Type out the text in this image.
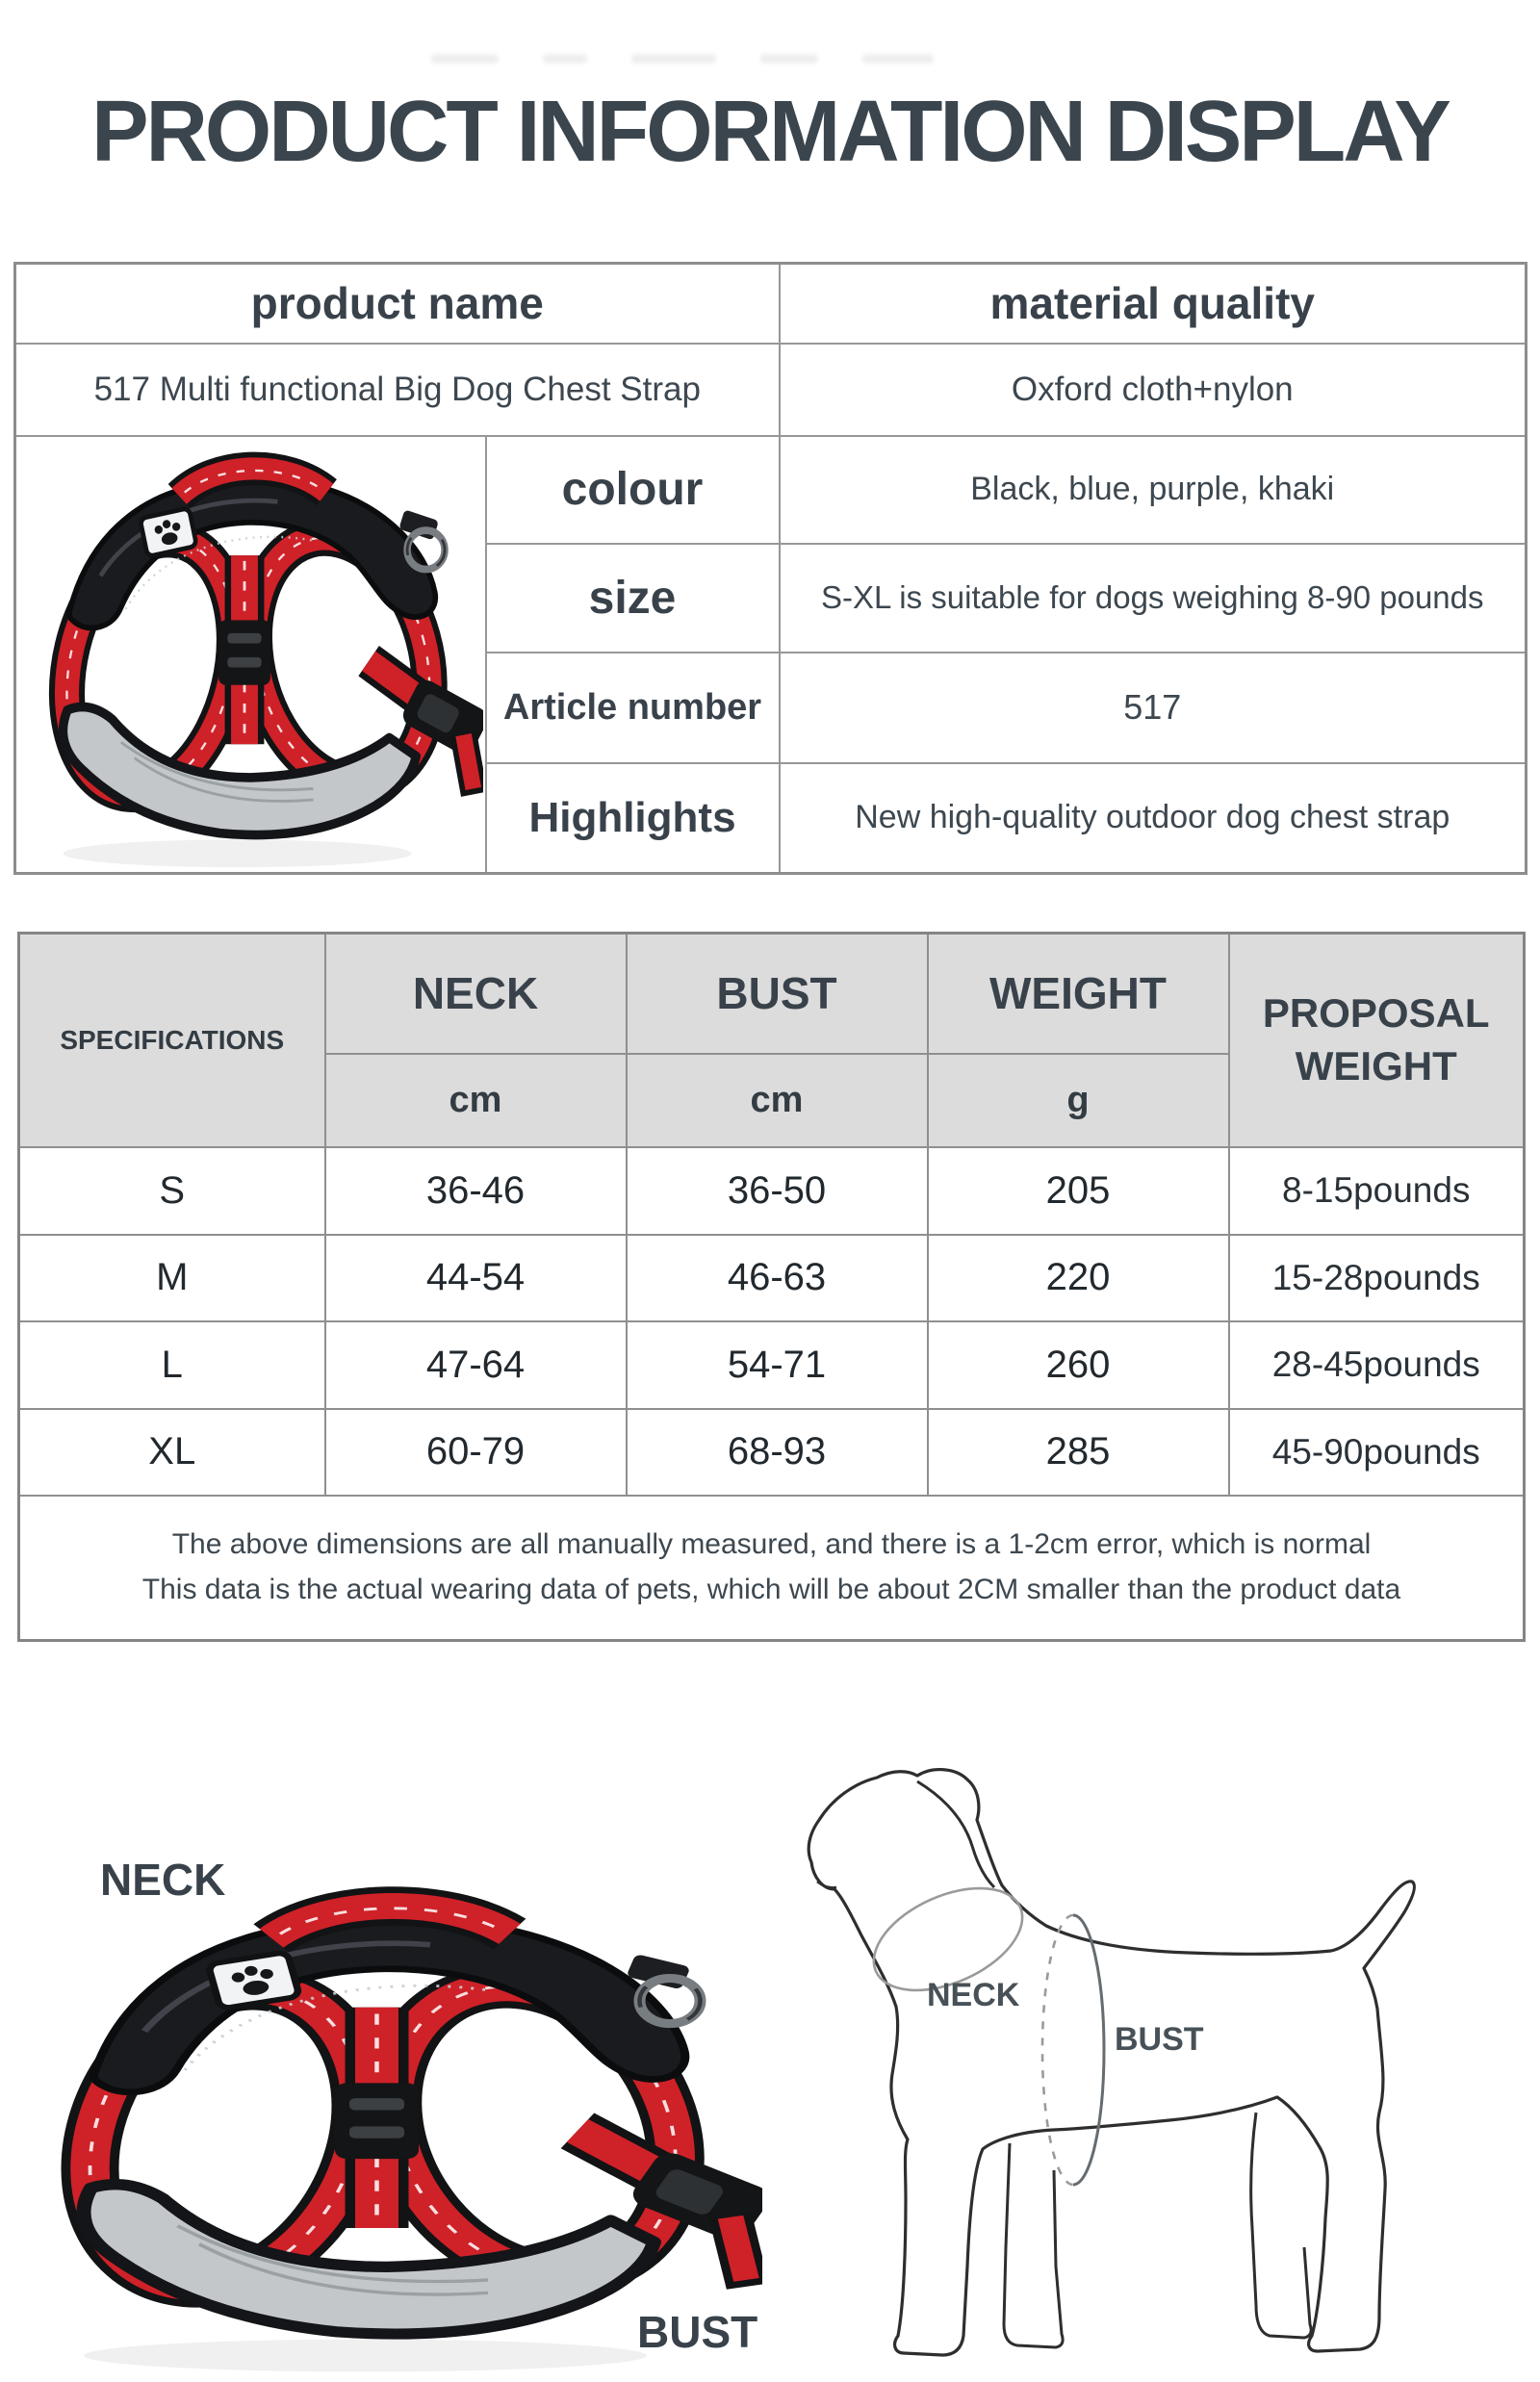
PRODUCT INFORMATION DISPLAY
product name		material quality
517 Multi functional Big Dog Chest Strap		Oxford cloth+nylon

	colour	Black, blue, purple, khaki
	size	S-XL is suitable for dogs weighing 8-90 pounds
	Article number	517
	Highlights	New high-quality outdoor dog chest strap
SPECIFICATIONS	NECK	BUST	WEIGHT	PROPOSAL WEIGHT
	cm	cm	g	
S	36-46	36-50	205	8-15pounds
M	44-54	46-63	220	15-28pounds
L	47-64	54-71	260	28-45pounds
XL	60-79	68-93	285	45-90pounds

The above dimensions are all manually measured, and there is a 1-2cm error, which is normal
This data is the actual wearing data of pets, which will be about 2CM smaller than the product data				
NECK
BUST
NECK
BUST
